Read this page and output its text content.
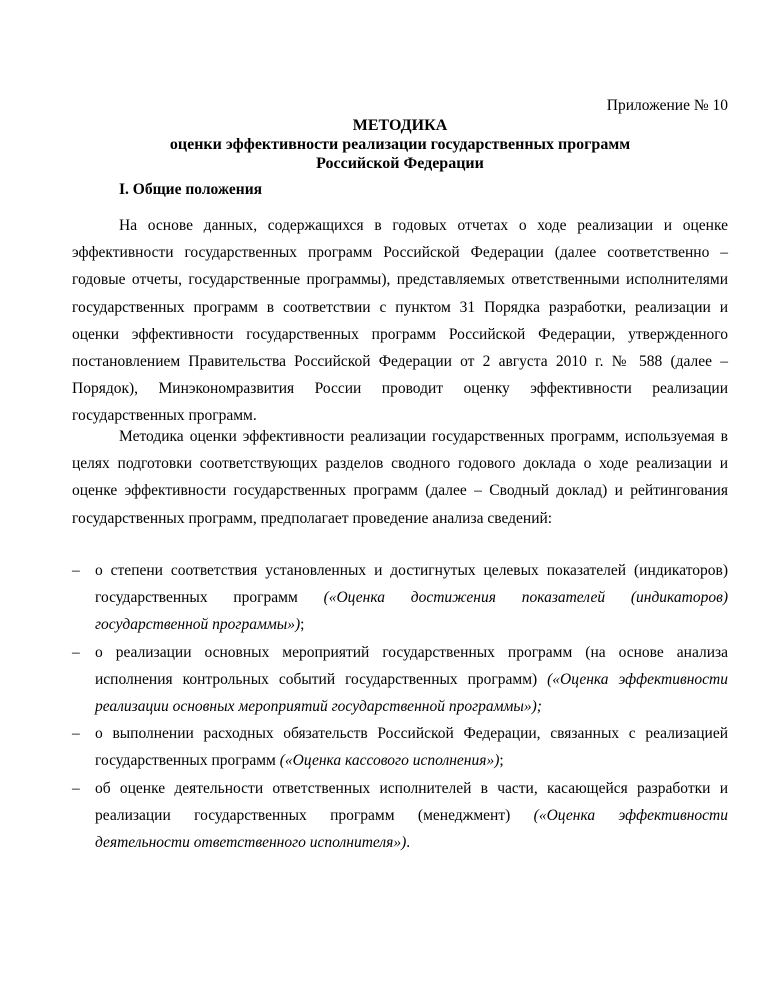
Приложение № 10
МЕТОДИКА
оценки эффективности реализации государственных программ
Российской Федерации
I. Общие положения
На основе данных, содержащихся в годовых отчетах о ходе реализации и оценке эффективности государственных программ Российской Федерации (далее соответственно – годовые отчеты, государственные программы), представляемых ответственными исполнителями государственных программ в соответствии с пунктом 31 Порядка разработки, реализации и оценки эффективности государственных программ Российской Федерации, утвержденного постановлением Правительства Российской Федерации от 2 августа 2010 г. № 588 (далее – Порядок), Минэкономразвития России проводит оценку эффективности реализации государственных программ.
Методика оценки эффективности реализации государственных программ, используемая в целях подготовки соответствующих разделов сводного годового доклада о ходе реализации и оценке эффективности государственных программ (далее – Сводный доклад) и рейтингования государственных программ, предполагает проведение анализа сведений:
– о степени соответствия установленных и достигнутых целевых показателей (индикаторов) государственных программ («Оценка достижения показателей (индикаторов) государственной программы»);
– о реализации основных мероприятий государственных программ (на основе анализа исполнения контрольных событий государственных программ) («Оценка эффективности реализации основных мероприятий государственной программы»);
– о выполнении расходных обязательств Российской Федерации, связанных с реализацией государственных программ («Оценка кассового исполнения»);
– об оценке деятельности ответственных исполнителей в части, касающейся разработки и реализации государственных программ (менеджмент) («Оценка эффективности деятельности ответственного исполнителя»).
